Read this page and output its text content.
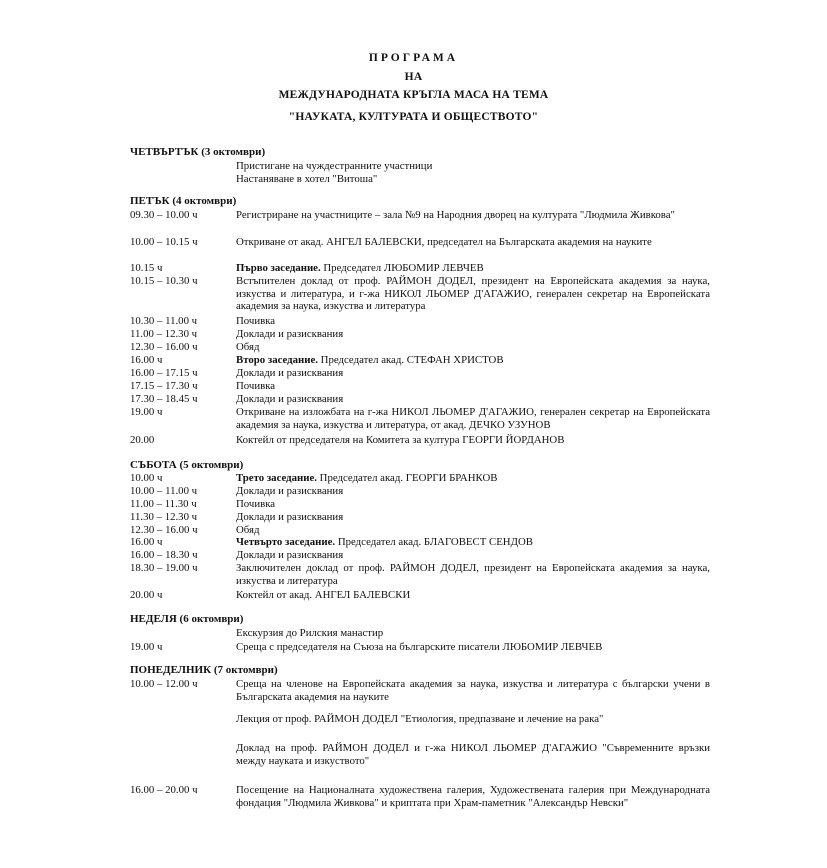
ПРОГРАМА
НА
МЕЖДУНАРОДНАТА КРЪГЛА МАСА НА ТЕМА
"НАУКАТА, КУЛТУРАТА И ОБЩЕСТВОТО"
ЧЕТВЪРТЪК (3 октомври)
Пристигане на чуждестранните участници
Настаняване в хотел "Витоша"
ПЕТЪК (4 октомври)
09.30 – 10.00 ч	Регистриране на участниците – зала №9 на Народния дворец на културата "Людмила Живкова"
10.00 – 10.15 ч	Откриване от акад. АНГЕЛ БАЛЕВСКИ, председател на Българската академия на науките
10.15 ч	Първо заседание. Председател ЛЮБОМИР ЛЕВЧЕВ
10.15 – 10.30 ч	Встъпителен доклад от проф. РАЙМОН ДОДЕЛ, президент на Европейската академия за наука, изкуства и литература, и г-жа НИКОЛ ЛЬОМЕР Д'АГАЖИО, генерален секретар на Европейската академия за наука, изкуства и литература
10.30 – 11.00 ч	Почивка
11.00 – 12.30 ч	Доклади и разисквания
12.30 – 16.00 ч	Обяд
16.00 ч	Второ заседание. Председател акад. СТЕФАН ХРИСТОВ
16.00 – 17.15 ч	Доклади и разисквания
17.15 – 17.30 ч	Почивка
17.30 – 18.45 ч	Доклади и разисквания
19.00 ч	Откриване на изложбата на г-жа НИКОЛ ЛЬОМЕР Д'АГАЖИО, генерален секретар на Европейската академия за наука, изкуства и литература, от акад. ДЕЧКО УЗУНОВ
20.00	Коктейл от председателя на Комитета за култура ГЕОРГИ ЙОРДАНОВ
СЪБОТА (5 октомври)
10.00 ч	Трето заседание. Председател акад. ГЕОРГИ БРАНКОВ
10.00 – 11.00 ч	Доклади и разисквания
11.00 – 11.30 ч	Почивка
11.30 – 12.30 ч	Доклади и разисквания
12.30 – 16.00 ч	Обяд
16.00 ч	Четвърто заседание. Председател акад. БЛАГОВЕСТ СЕНДОВ
16.00 – 18.30 ч	Доклади и разисквания
18.30 – 19.00 ч	Заключителен доклад от проф. РАЙМОН ДОДЕЛ, президент на Европейската академия за наука, изкуства и литература
20.00 ч	Коктейл от акад. АНГЕЛ БАЛЕВСКИ
НЕДЕЛЯ (6 октомври)
Екскурзия до Рилския манастир
19.00 ч	Среща с председателя на Съюза на българските писатели ЛЮБОМИР ЛЕВЧЕВ
ПОНЕДЕЛНИК (7 октомври)
10.00 – 12.00 ч	Среща на членове на Европейската академия за наука, изкуства и литература с български учени в Българската академия на науките
Лекция от проф. РАЙМОН ДОДЕЛ "Етиология, предпазване и лечение на рака"
Доклад на проф. РАЙМОН ДОДЕЛ и г-жа НИКОЛ ЛЬОМЕР Д'АГАЖИО "Съвременните връзки между науката и изкуството"
16.00 – 20.00 ч	Посещение на Националната художествена галерия, Художествената галерия при Международната фондация "Людмила Живкова" и криптата при Храм-паметник "Александър Невски"
